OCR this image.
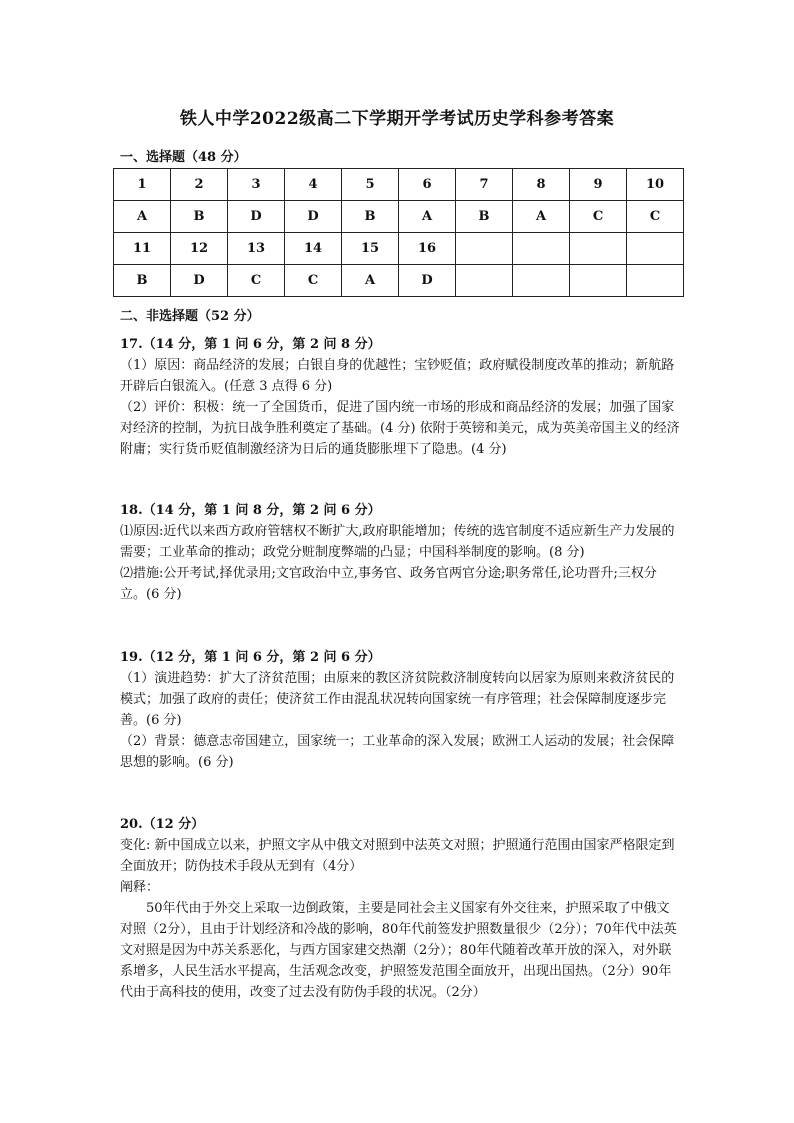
铁人中学2022级高二下学期开学考试历史学科参考答案
一、选择题（48 分）
1	2	3	4	5	6	7	8	9	10
A	B	D	D	B	A	B	A	C	C
11	12	13	14	15	16				
B	D	C	C	A	D				
二、非选择题（52 分）

17.（14 分，第 1 问 6 分，第 2 问 8 分）

（1）原因：商品经济的发展；白银自身的优越性；宝钞贬值；政府赋役制度改革的推动；新航路开辟后白银流入。(任意 3 点得 6 分)

（2）评价：积极：统一了全国货币，促进了国内统一市场的形成和商品经济的发展；加强了国家对经济的控制，为抗日战争胜利奠定了基础。(4 分) 依附于英镑和美元，成为英美帝国主义的经济附庸；实行货币贬值制激经济为日后的通货膨胀埋下了隐患。(4 分)

18.（14 分，第 1 问 8 分，第 2 问 6 分）

⑴原因:近代以来西方政府管辖权不断扩大,政府职能增加；传统的选官制度不适应新生产力发展的需要；工业革命的推动；政党分赃制度弊端的凸显；中国科举制度的影响。(8 分)

⑵措施:公开考试,择优录用;文官政治中立,事务官、政务官两官分途;职务常任,论功晋升;三权分立。(6 分)

19.（12 分，第 1 问 6 分，第 2 问 6 分）

（1）演进趋势：扩大了济贫范围；由原来的教区济贫院救济制度转向以居家为原则来救济贫民的模式；加强了政府的责任；使济贫工作由混乱状况转向国家统一有序管理；社会保障制度逐步完善。(6 分)

（2）背景：德意志帝国建立，国家统一；工业革命的深入发展；欧洲工人运动的发展；社会保障思想的影响。(6 分)

20.（12 分）

变化: 新中国成立以来，护照文字从中俄文对照到中法英文对照；护照通行范围由国家严格限定到全面放开；防伪技术手段从无到有（4分）

阐释：

50年代由于外交上采取一边倒政策，主要是同社会主义国家有外交往来，护照采取了中俄文对照（2分），且由于计划经济和冷战的影响，80年代前签发护照数量很少（2分）；70年代中法英文对照是因为中苏关系恶化，与西方国家建交热潮（2分）；80年代随着改革开放的深入，对外联系增多，人民生活水平提高，生活观念改变，护照签发范围全面放开，出现出国热。（2分）90年代由于高科技的使用，改变了过去没有防伪手段的状况。（2分）
